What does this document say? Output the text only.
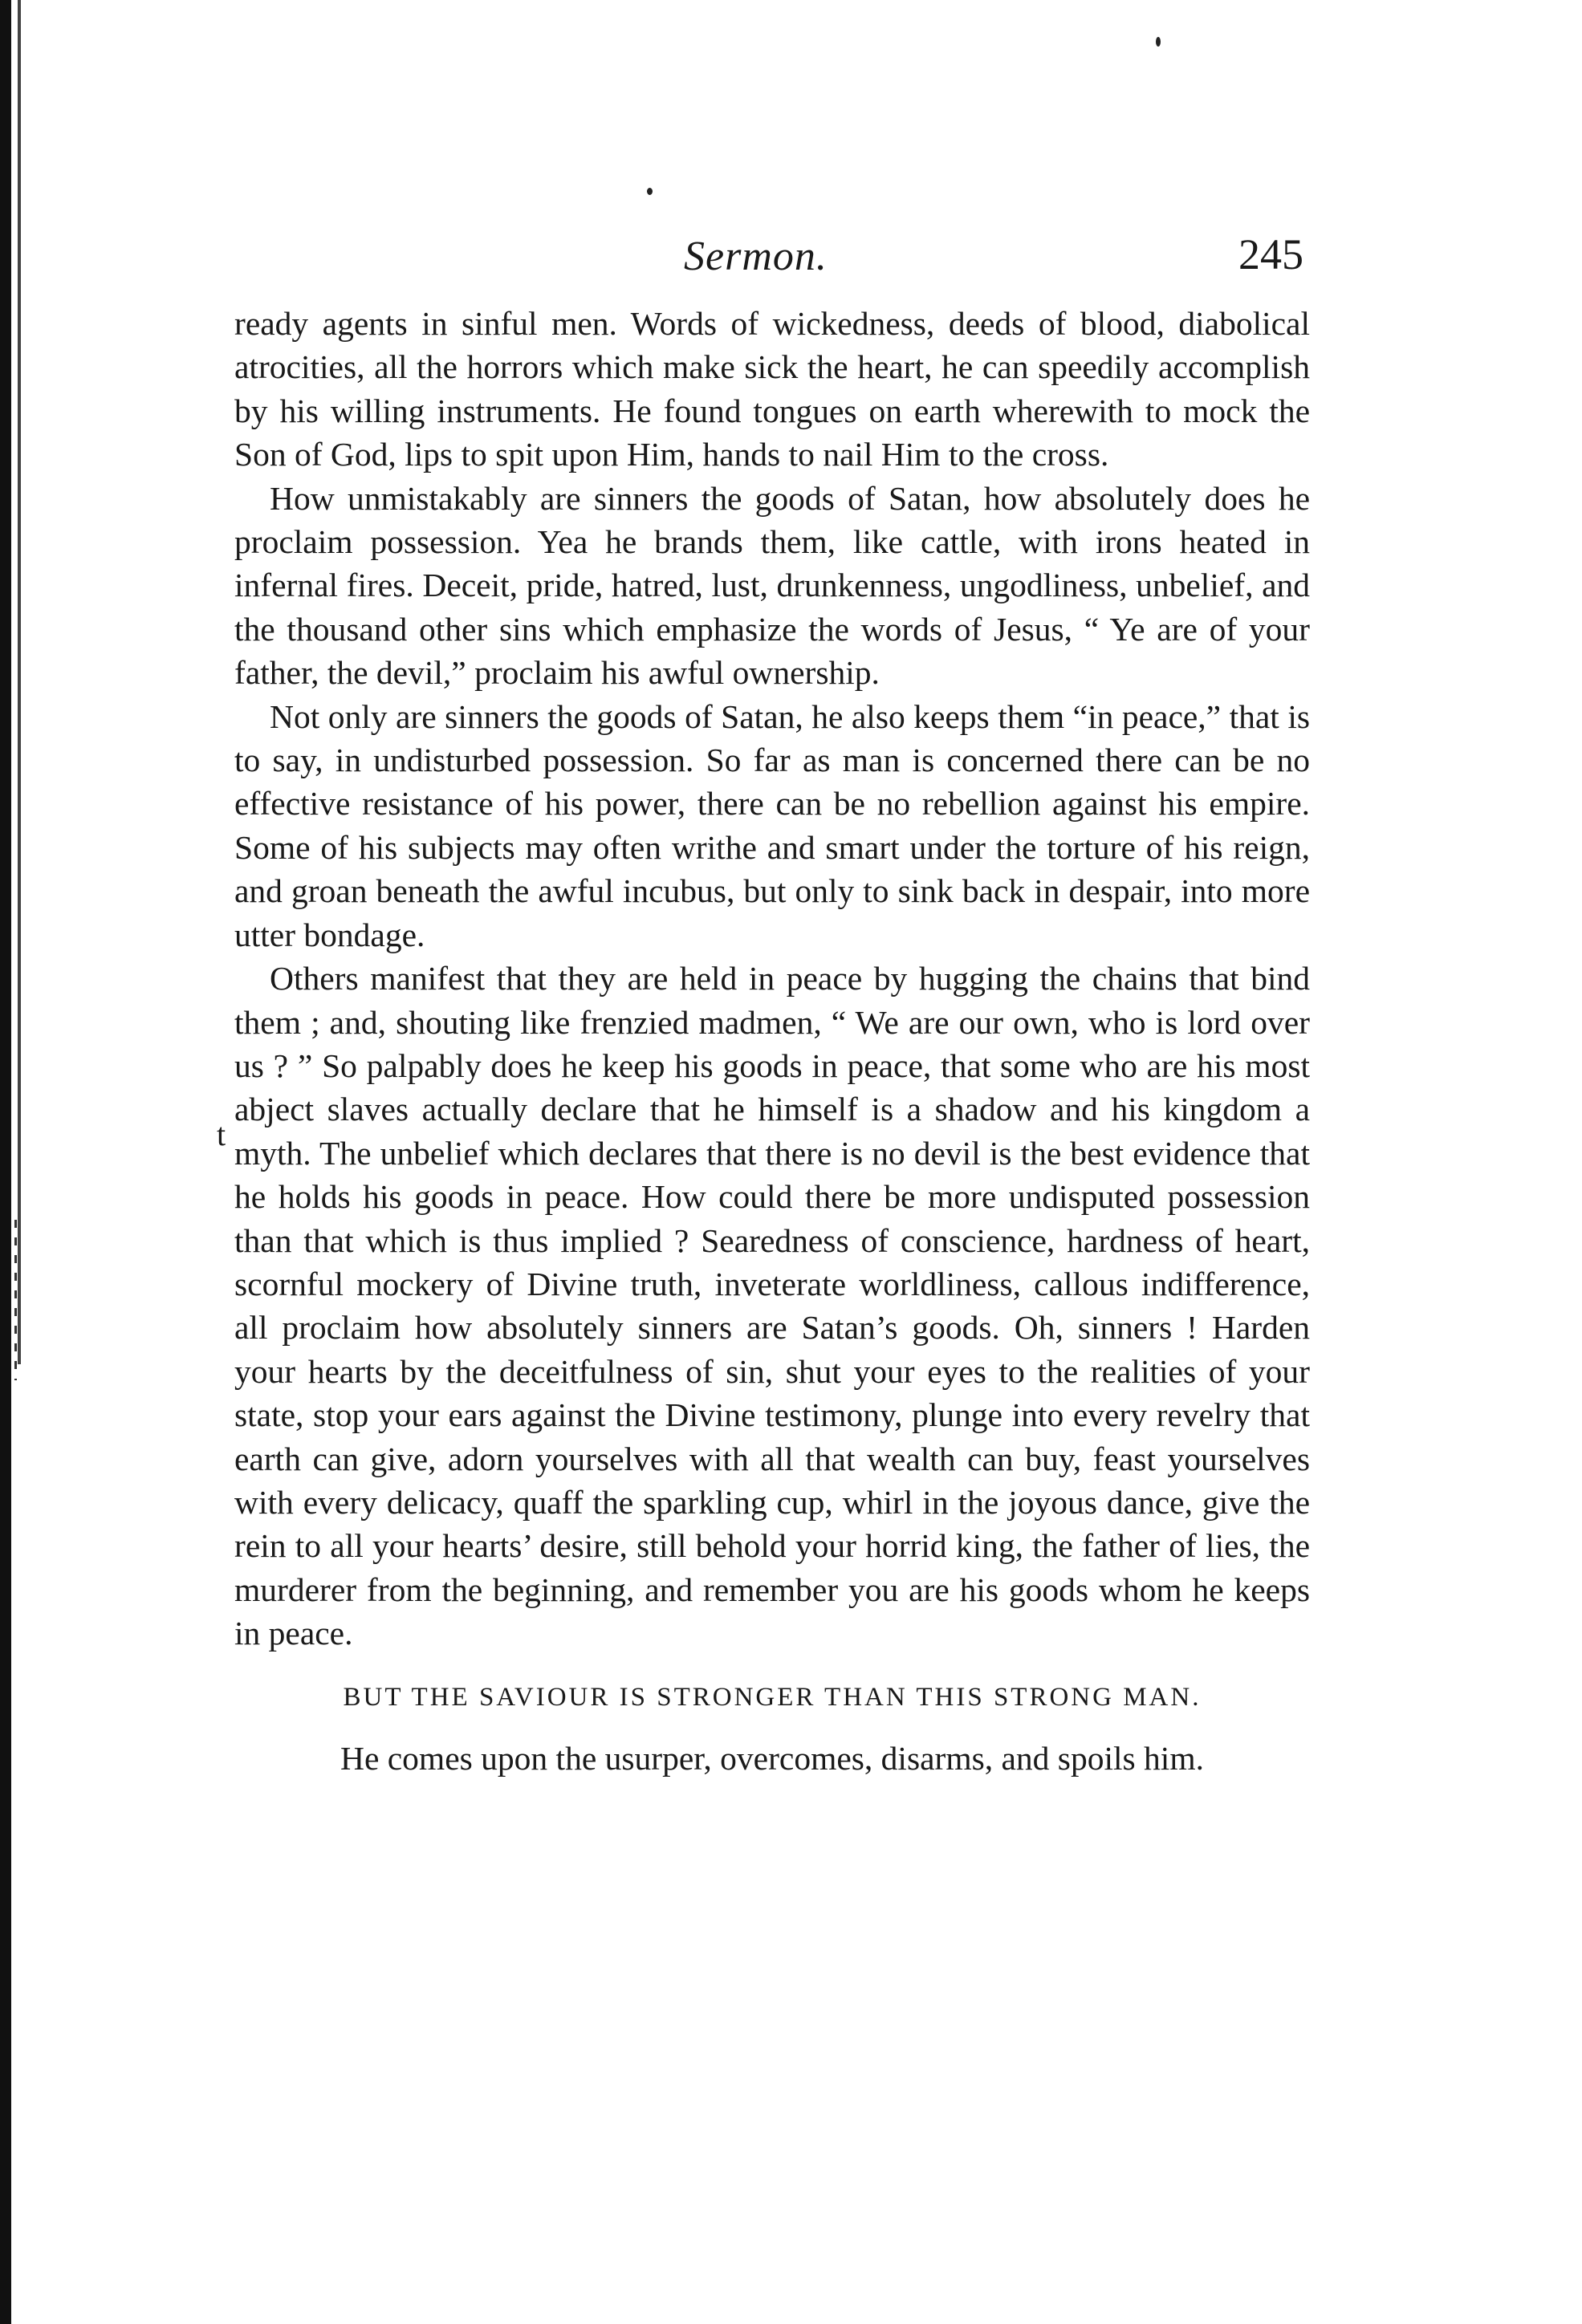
t
Sermon.	245

ready agents in sinful men. Words of wickedness, deeds of blood, diabolical atrocities, all the horrors which make sick the heart, he can speedily accomplish by his willing instruments. He found tongues on earth wherewith to mock the Son of God, lips to spit upon Him, hands to nail Him to the cross.

How unmistakably are sinners the goods of Satan, how absolutely does he proclaim possession. Yea he brands them, like cattle, with irons heated in infernal fires. Deceit, pride, hatred, lust, drunkenness, ungodliness, unbelief, and the thousand other sins which emphasize the words of Jesus, “ Ye are of your father, the devil,” proclaim his awful ownership.

Not only are sinners the goods of Satan, he also keeps them “in peace,” that is to say, in undisturbed possession. So far as man is concerned there can be no effective resistance of his power, there can be no rebellion against his empire. Some of his subjects may often writhe and smart under the torture of his reign, and groan beneath the awful incubus, but only to sink back in despair, into more utter bondage.

Others manifest that they are held in peace by hugging the chains that bind them ; and, shouting like frenzied madmen, “ We are our own, who is lord over us ? ” So palpably does he keep his goods in peace, that some who are his most abject slaves actually declare that he himself is a shadow and his kingdom a myth. The unbelief which declares that there is no devil is the best evidence that he holds his goods in peace. How could there be more undisputed possession than that which is thus implied ? Searedness of conscience, hardness of heart, scornful mockery of Divine truth, inveterate worldliness, callous indifference, all proclaim how absolutely sinners are Satan’s goods. Oh, sinners ! Harden your hearts by the deceitfulness of sin, shut your eyes to the realities of your state, stop your ears against the Divine testimony, plunge into every revelry that earth can give, adorn yourselves with all that wealth can buy, feast yourselves with every delicacy, quaff the sparkling cup, whirl in the joyous dance, give the rein to all your hearts’ desire, still behold your horrid king, the father of lies, the murderer from the beginning, and remember you are his goods whom he keeps in peace.

BUT THE SAVIOUR IS STRONGER THAN THIS STRONG MAN.

He comes upon the usurper, overcomes, disarms, and spoils him.
